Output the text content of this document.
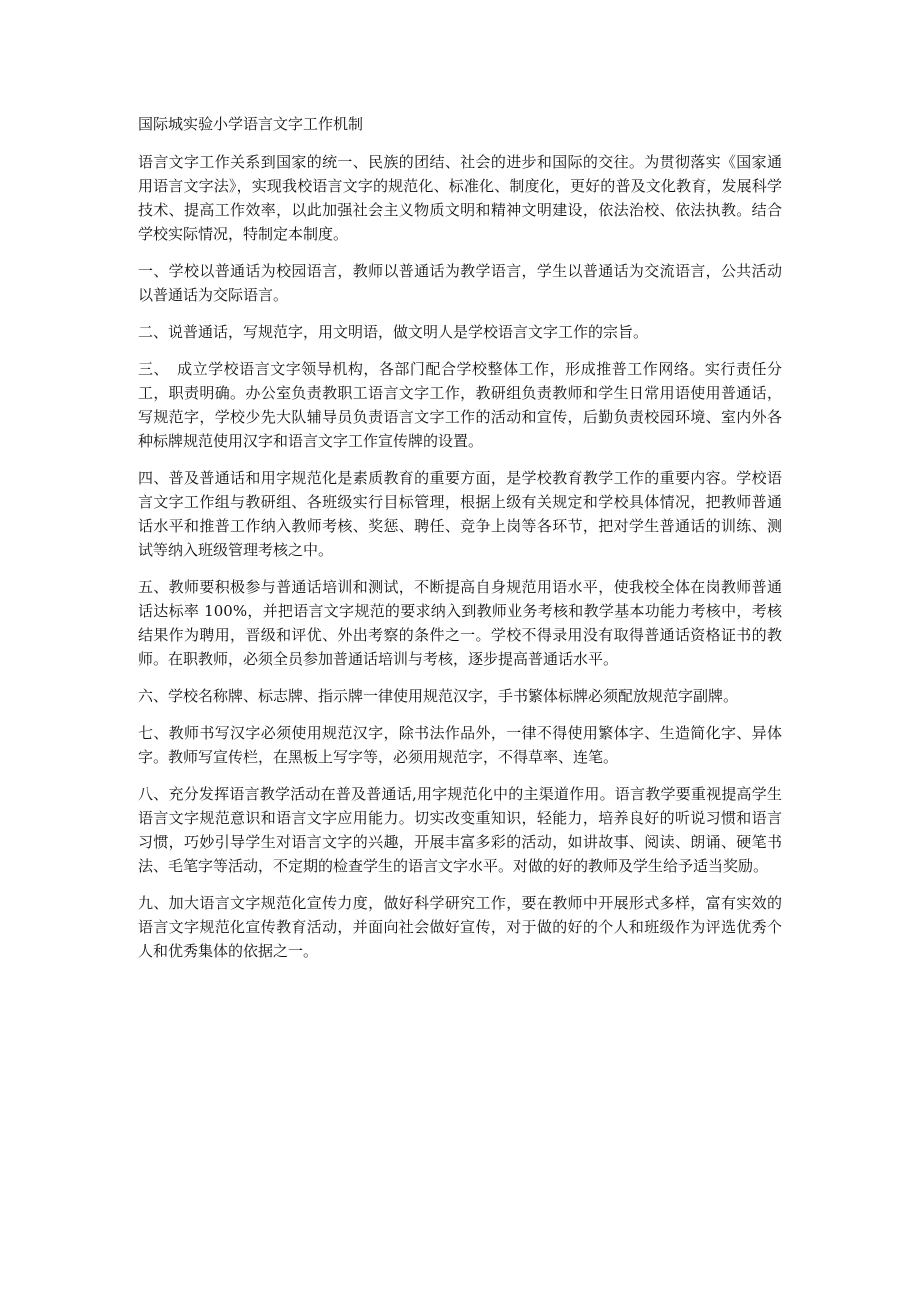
国际城实验小学语言文字工作机制

语言文字工作关系到国家的统一、民族的团结、社会的进步和国际的交往。为贯彻落实《国家通用语言文字法》，实现我校语言文字的规范化、标准化、制度化，更好的普及文化教育，发展科学技术、提高工作效率，以此加强社会主义物质文明和精神文明建设，依法治校、依法执教。结合学校实际情况，特制定本制度。

一、学校以普通话为校园语言，教师以普通话为教学语言，学生以普通话为交流语言，公共活动以普通话为交际语言。

二、说普通话，写规范字，用文明语，做文明人是学校语言文字工作的宗旨。

三、　成立学校语言文字领导机构，各部门配合学校整体工作，形成推普工作网络。实行责任分工，职责明确。办公室负责教职工语言文字工作，教研组负责教师和学生日常用语使用普通话，写规范字，学校少先大队辅导员负责语言文字工作的活动和宣传，后勤负责校园环境、室内外各种标牌规范使用汉字和语言文字工作宣传牌的设置。

四、普及普通话和用字规范化是素质教育的重要方面，是学校教育教学工作的重要内容。学校语言文字工作组与教研组、各班级实行目标管理，根据上级有关规定和学校具体情况，把教师普通话水平和推普工作纳入教师考核、奖惩、聘任、竞争上岗等各环节，把对学生普通话的训练、测试等纳入班级管理考核之中。

五、教师要积极参与普通话培训和测试，不断提高自身规范用语水平，使我校全体在岗教师普通话达标率 100%，并把语言文字规范的要求纳入到教师业务考核和教学基本功能力考核中，考核结果作为聘用，晋级和评优、外出考察的条件之一。学校不得录用没有取得普通话资格证书的教师。在职教师，必须全员参加普通话培训与考核，逐步提高普通话水平。

六、学校名称牌、标志牌、指示牌一律使用规范汉字，手书繁体标牌必须配放规范字副牌。

七、教师书写汉字必须使用规范汉字，除书法作品外，一律不得使用繁体字、生造简化字、异体字。教师写宣传栏，在黑板上写字等，必须用规范字，不得草率、连笔。

八、充分发挥语言教学活动在普及普通话,用字规范化中的主渠道作用。语言教学要重视提高学生语言文字规范意识和语言文字应用能力。切实改变重知识，轻能力，培养良好的听说习惯和语言习惯，巧妙引导学生对语言文字的兴趣，开展丰富多彩的活动，如讲故事、阅读、朗诵、硬笔书法、毛笔字等活动，不定期的检查学生的语言文字水平。对做的好的教师及学生给予适当奖励。

九、加大语言文字规范化宣传力度，做好科学研究工作，要在教师中开展形式多样，富有实效的语言文字规范化宣传教育活动，并面向社会做好宣传，对于做的好的个人和班级作为评选优秀个人和优秀集体的依据之一。
